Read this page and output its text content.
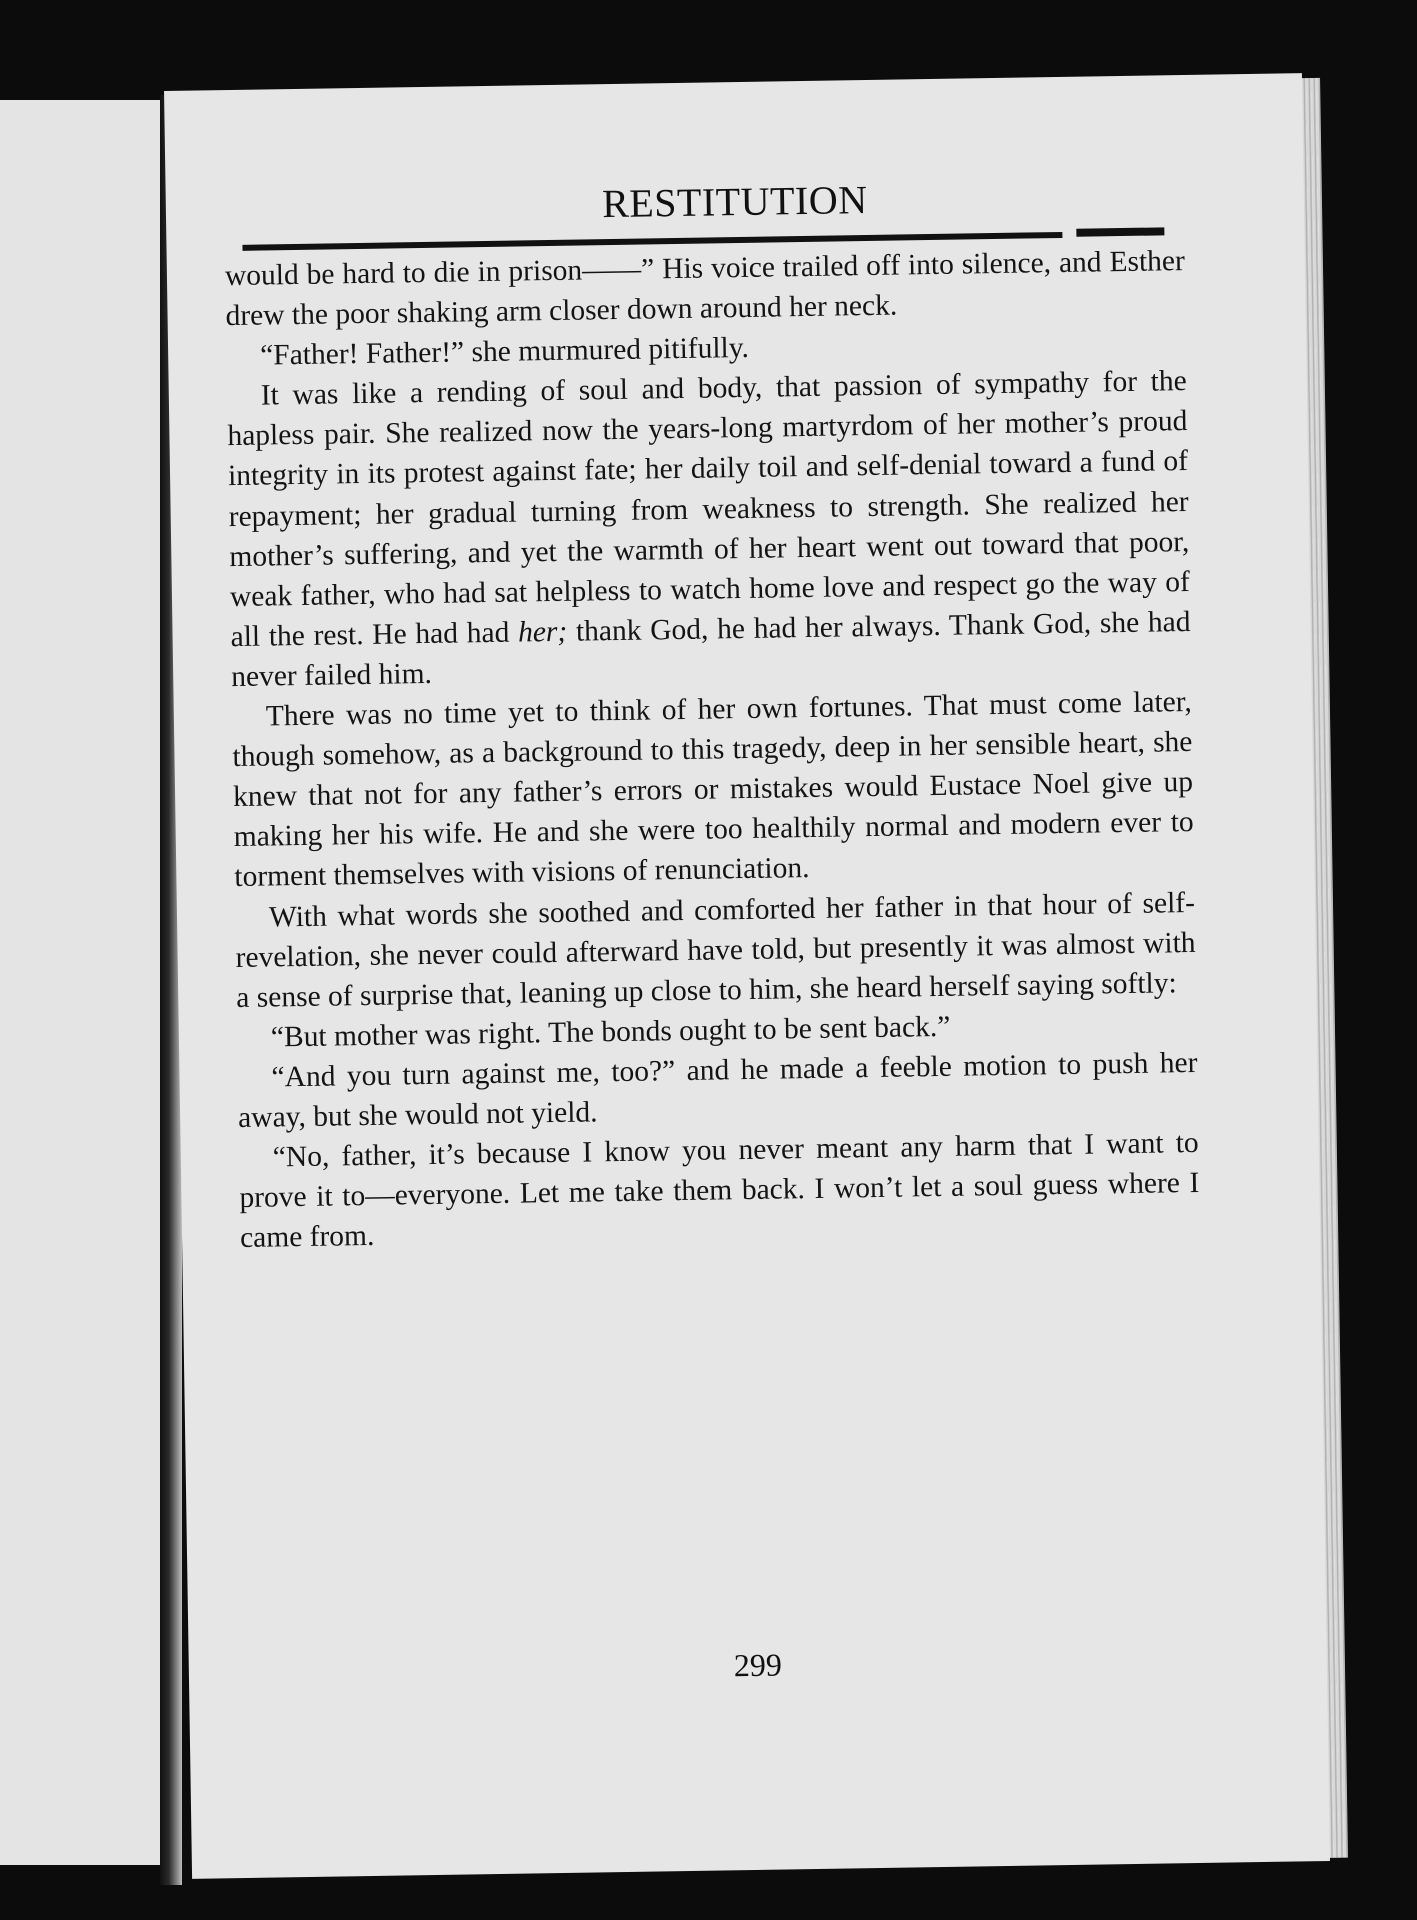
RESTITUTION

would be hard to die in prison——” His voice trailed off into silence, and Esther drew the poor shaking arm closer down around her neck.

“Father! Father!” she murmured pitifully.

It was like a rending of soul and body, that passion of sympathy for the hapless pair. She realized now the years-long martyrdom of her mother’s proud integrity in its protest against fate; her daily toil and self-denial toward a fund of repayment; her gradual turning from weakness to strength. She realized her mother’s suffering, and yet the warmth of her heart went out toward that poor, weak father, who had sat helpless to watch home love and respect go the way of all the rest. He had had her; thank God, he had her always. Thank God, she had never failed him.

There was no time yet to think of her own fortunes. That must come later, though somehow, as a background to this tragedy, deep in her sensible heart, she knew that not for any father’s errors or mistakes would Eustace Noel give up making her his wife. He and she were too healthily normal and modern ever to torment themselves with visions of renunciation.

With what words she soothed and comforted her father in that hour of self-revelation, she never could afterward have told, but presently it was almost with a sense of surprise that, leaning up close to him, she heard herself saying softly:

“But mother was right. The bonds ought to be sent back.”

“And you turn against me, too?” and he made a feeble motion to push her away, but she would not yield.

“No, father, it’s because I know you never meant any harm that I want to prove it to—everyone. Let me take them back. I won’t let a soul guess where I came from.

299
